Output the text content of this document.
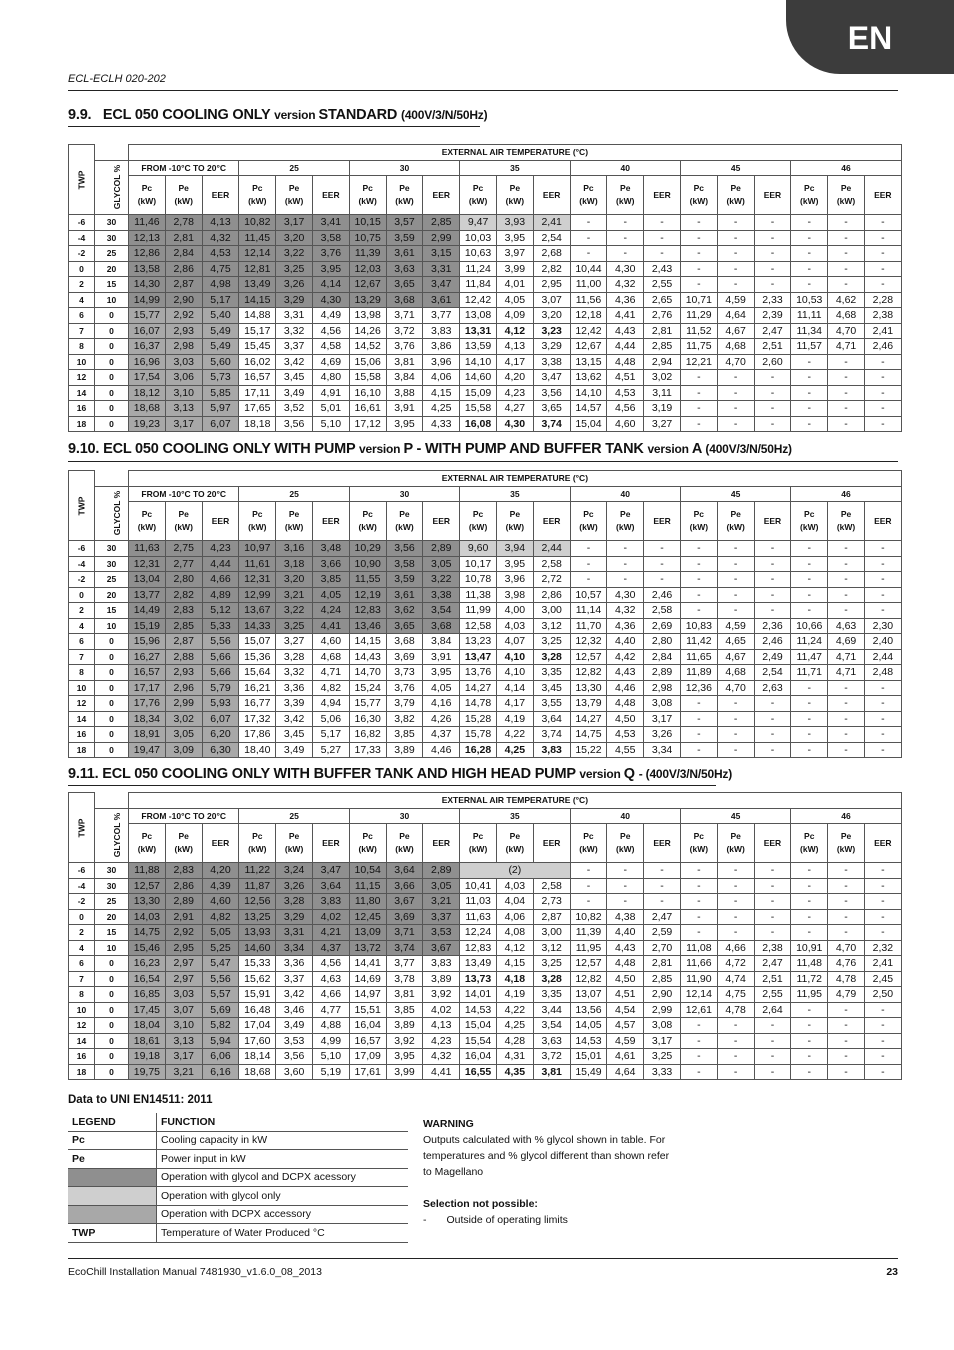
EN
ECL-ECLH 020-202
9.9. ECL 050 COOLING ONLY version STANDARD (400V/3/N/50Hz)
9.10. ECL 050 COOLING ONLY WITH PUMP version P - WITH PUMP AND BUFFER TANK version A (400V/3/N/50Hz)
9.11. ECL 050 COOLING ONLY WITH BUFFER TANK AND HIGH HEAD PUMP version Q - (400V/3/N/50Hz)
TWP		EXTERNAL AIR TEMPERATURE (°C)																				
	GLYCOL %	FROM -10°C TO 20°C			25			30			35			40			45			46		
		Pc (kW)	Pe (kW)	EER	Pc (kW)	Pe (kW)	EER	Pc (kW)	Pe (kW)	EER	Pc (kW)	Pe (kW)	EER	Pc (kW)	Pe (kW)	EER	Pc (kW)	Pe (kW)	EER	Pc (kW)	Pe (kW)	EER
-6	30	11,46	2,78	4,13	10,82	3,17	3,41	10,15	3,57	2,85	9,47	3,93	2,41	-	-	-	-	-	-	-	-	-
-4	30	12,13	2,81	4,32	11,45	3,20	3,58	10,75	3,59	2,99	10,03	3,95	2,54	-	-	-	-	-	-	-	-	-
-2	25	12,86	2,84	4,53	12,14	3,22	3,76	11,39	3,61	3,15	10,63	3,97	2,68	-	-	-	-	-	-	-	-	-
0	20	13,58	2,86	4,75	12,81	3,25	3,95	12,03	3,63	3,31	11,24	3,99	2,82	10,44	4,30	2,43	-	-	-	-	-	-
2	15	14,30	2,87	4,98	13,49	3,26	4,14	12,67	3,65	3,47	11,84	4,01	2,95	11,00	4,32	2,55	-	-	-	-	-	-
4	10	14,99	2,90	5,17	14,15	3,29	4,30	13,29	3,68	3,61	12,42	4,05	3,07	11,56	4,36	2,65	10,71	4,59	2,33	10,53	4,62	2,28
6	0	15,77	2,92	5,40	14,88	3,31	4,49	13,98	3,71	3,77	13,08	4,09	3,20	12,18	4,41	2,76	11,29	4,64	2,39	11,11	4,68	2,38
7	0	16,07	2,93	5,49	15,17	3,32	4,56	14,26	3,72	3,83	13,31	4,12	3,23	12,42	4,43	2,81	11,52	4,67	2,47	11,34	4,70	2,41
8	0	16,37	2,98	5,49	15,45	3,37	4,58	14,52	3,76	3,86	13,59	4,13	3,29	12,67	4,44	2,85	11,75	4,68	2,51	11,57	4,71	2,46
10	0	16,96	3,03	5,60	16,02	3,42	4,69	15,06	3,81	3,96	14,10	4,17	3,38	13,15	4,48	2,94	12,21	4,70	2,60	-	-	-
12	0	17,54	3,06	5,73	16,57	3,45	4,80	15,58	3,84	4,06	14,60	4,20	3,47	13,62	4,51	3,02	-	-	-	-	-	-
14	0	18,12	3,10	5,85	17,11	3,49	4,91	16,10	3,88	4,15	15,09	4,23	3,56	14,10	4,53	3,11	-	-	-	-	-	-
16	0	18,68	3,13	5,97	17,65	3,52	5,01	16,61	3,91	4,25	15,58	4,27	3,65	14,57	4,56	3,19	-	-	-	-	-	-
18	0	19,23	3,17	6,07	18,18	3,56	5,10	17,12	3,95	4,33	16,08	4,30	3,74	15,04	4,60	3,27	-	-	-	-	-	-
TWP		EXTERNAL AIR TEMPERATURE (°C)																				
	GLYCOL %	FROM -10°C TO 20°C			25			30			35			40			45			46		
		Pc (kW)	Pe (kW)	EER	Pc (kW)	Pe (kW)	EER	Pc (kW)	Pe (kW)	EER	Pc (kW)	Pe (kW)	EER	Pc (kW)	Pe (kW)	EER	Pc (kW)	Pe (kW)	EER	Pc (kW)	Pe (kW)	EER
-6	30	11,63	2,75	4,23	10,97	3,16	3,48	10,29	3,56	2,89	9,60	3,94	2,44	-	-	-	-	-	-	-	-	-
-4	30	12,31	2,77	4,44	11,61	3,18	3,66	10,90	3,58	3,05	10,17	3,95	2,58	-	-	-	-	-	-	-	-	-
-2	25	13,04	2,80	4,66	12,31	3,20	3,85	11,55	3,59	3,22	10,78	3,96	2,72	-	-	-	-	-	-	-	-	-
0	20	13,77	2,82	4,89	12,99	3,21	4,05	12,19	3,61	3,38	11,38	3,98	2,86	10,57	4,30	2,46	-	-	-	-	-	-
2	15	14,49	2,83	5,12	13,67	3,22	4,24	12,83	3,62	3,54	11,99	4,00	3,00	11,14	4,32	2,58	-	-	-	-	-	-
4	10	15,19	2,85	5,33	14,33	3,25	4,41	13,46	3,65	3,68	12,58	4,03	3,12	11,70	4,36	2,69	10,83	4,59	2,36	10,66	4,63	2,30
6	0	15,96	2,87	5,56	15,07	3,27	4,60	14,15	3,68	3,84	13,23	4,07	3,25	12,32	4,40	2,80	11,42	4,65	2,46	11,24	4,69	2,40
7	0	16,27	2,88	5,66	15,36	3,28	4,68	14,43	3,69	3,91	13,47	4,10	3,28	12,57	4,42	2,84	11,65	4,67	2,49	11,47	4,71	2,44
8	0	16,57	2,93	5,66	15,64	3,32	4,71	14,70	3,73	3,95	13,76	4,10	3,35	12,82	4,43	2,89	11,89	4,68	2,54	11,71	4,71	2,48
10	0	17,17	2,96	5,79	16,21	3,36	4,82	15,24	3,76	4,05	14,27	4,14	3,45	13,30	4,46	2,98	12,36	4,70	2,63	-	-	-
12	0	17,76	2,99	5,93	16,77	3,39	4,94	15,77	3,79	4,16	14,78	4,17	3,55	13,79	4,48	3,08	-	-	-	-	-	-
14	0	18,34	3,02	6,07	17,32	3,42	5,06	16,30	3,82	4,26	15,28	4,19	3,64	14,27	4,50	3,17	-	-	-	-	-	-
16	0	18,91	3,05	6,20	17,86	3,45	5,17	16,82	3,85	4,37	15,78	4,22	3,74	14,75	4,53	3,26	-	-	-	-	-	-
18	0	19,47	3,09	6,30	18,40	3,49	5,27	17,33	3,89	4,46	16,28	4,25	3,83	15,22	4,55	3,34	-	-	-	-	-	-
TWP		EXTERNAL AIR TEMPERATURE (°C)																				
	GLYCOL %	FROM -10°C TO 20°C			25			30			35			40			45			46		
		Pc (kW)	Pe (kW)	EER	Pc (kW)	Pe (kW)	EER	Pc (kW)	Pe (kW)	EER	Pc (kW)	Pe (kW)	EER	Pc (kW)	Pe (kW)	EER	Pc (kW)	Pe (kW)	EER	Pc (kW)	Pe (kW)	EER
-6	30	11,88	2,83	4,20	11,22	3,24	3,47	10,54	3,64	2,89	(2)			-	-	-	-	-	-	-	-	-
-4	30	12,57	2,86	4,39	11,87	3,26	3,64	11,15	3,66	3,05	10,41	4,03	2,58	-	-	-	-	-	-	-	-	-
-2	25	13,30	2,89	4,60	12,56	3,28	3,83	11,80	3,67	3,21	11,03	4,04	2,73	-	-	-	-	-	-	-	-	-
0	20	14,03	2,91	4,82	13,25	3,29	4,02	12,45	3,69	3,37	11,63	4,06	2,87	10,82	4,38	2,47	-	-	-	-	-	-
2	15	14,75	2,92	5,05	13,93	3,31	4,21	13,09	3,71	3,53	12,24	4,08	3,00	11,39	4,40	2,59	-	-	-	-	-	-
4	10	15,46	2,95	5,25	14,60	3,34	4,37	13,72	3,74	3,67	12,83	4,12	3,12	11,95	4,43	2,70	11,08	4,66	2,38	10,91	4,70	2,32
6	0	16,23	2,97	5,47	15,33	3,36	4,56	14,41	3,77	3,83	13,49	4,15	3,25	12,57	4,48	2,81	11,66	4,72	2,47	11,48	4,76	2,41
7	0	16,54	2,97	5,56	15,62	3,37	4,63	14,69	3,78	3,89	13,73	4,18	3,28	12,82	4,50	2,85	11,90	4,74	2,51	11,72	4,78	2,45
8	0	16,85	3,03	5,57	15,91	3,42	4,66	14,97	3,81	3,92	14,01	4,19	3,35	13,07	4,51	2,90	12,14	4,75	2,55	11,95	4,79	2,50
10	0	17,45	3,07	5,69	16,48	3,46	4,77	15,51	3,85	4,02	14,53	4,22	3,44	13,56	4,54	2,99	12,61	4,78	2,64	-	-	-
12	0	18,04	3,10	5,82	17,04	3,49	4,88	16,04	3,89	4,13	15,04	4,25	3,54	14,05	4,57	3,08	-	-	-	-	-	-
14	0	18,61	3,13	5,94	17,60	3,53	4,99	16,57	3,92	4,23	15,54	4,28	3,63	14,53	4,59	3,17	-	-	-	-	-	-
16	0	19,18	3,17	6,06	18,14	3,56	5,10	17,09	3,95	4,32	16,04	4,31	3,72	15,01	4,61	3,25	-	-	-	-	-	-
18	0	19,75	3,21	6,16	18,68	3,60	5,19	17,61	3,99	4,41	16,55	4,35	3,81	15,49	4,64	3,33	-	-	-	-	-	-
Data to UNI EN14511: 2011
LEGEND	FUNCTION
Pc	Cooling capacity in kW
Pe	Power input in kW
	Operation with glycol and DCPX acessory
	Operation with glycol only
	Operation with DCPX accessory
TWP	Temperature of Water Produced °C
WARNING
Outputs calculated with % glycol shown in table. For temperatures and % glycol different than shown refer to Magellano
Selection not possible:
- Outside of operating limits
EcoChill Installation Manual 7481930_v1.6.0_08_2013	23
